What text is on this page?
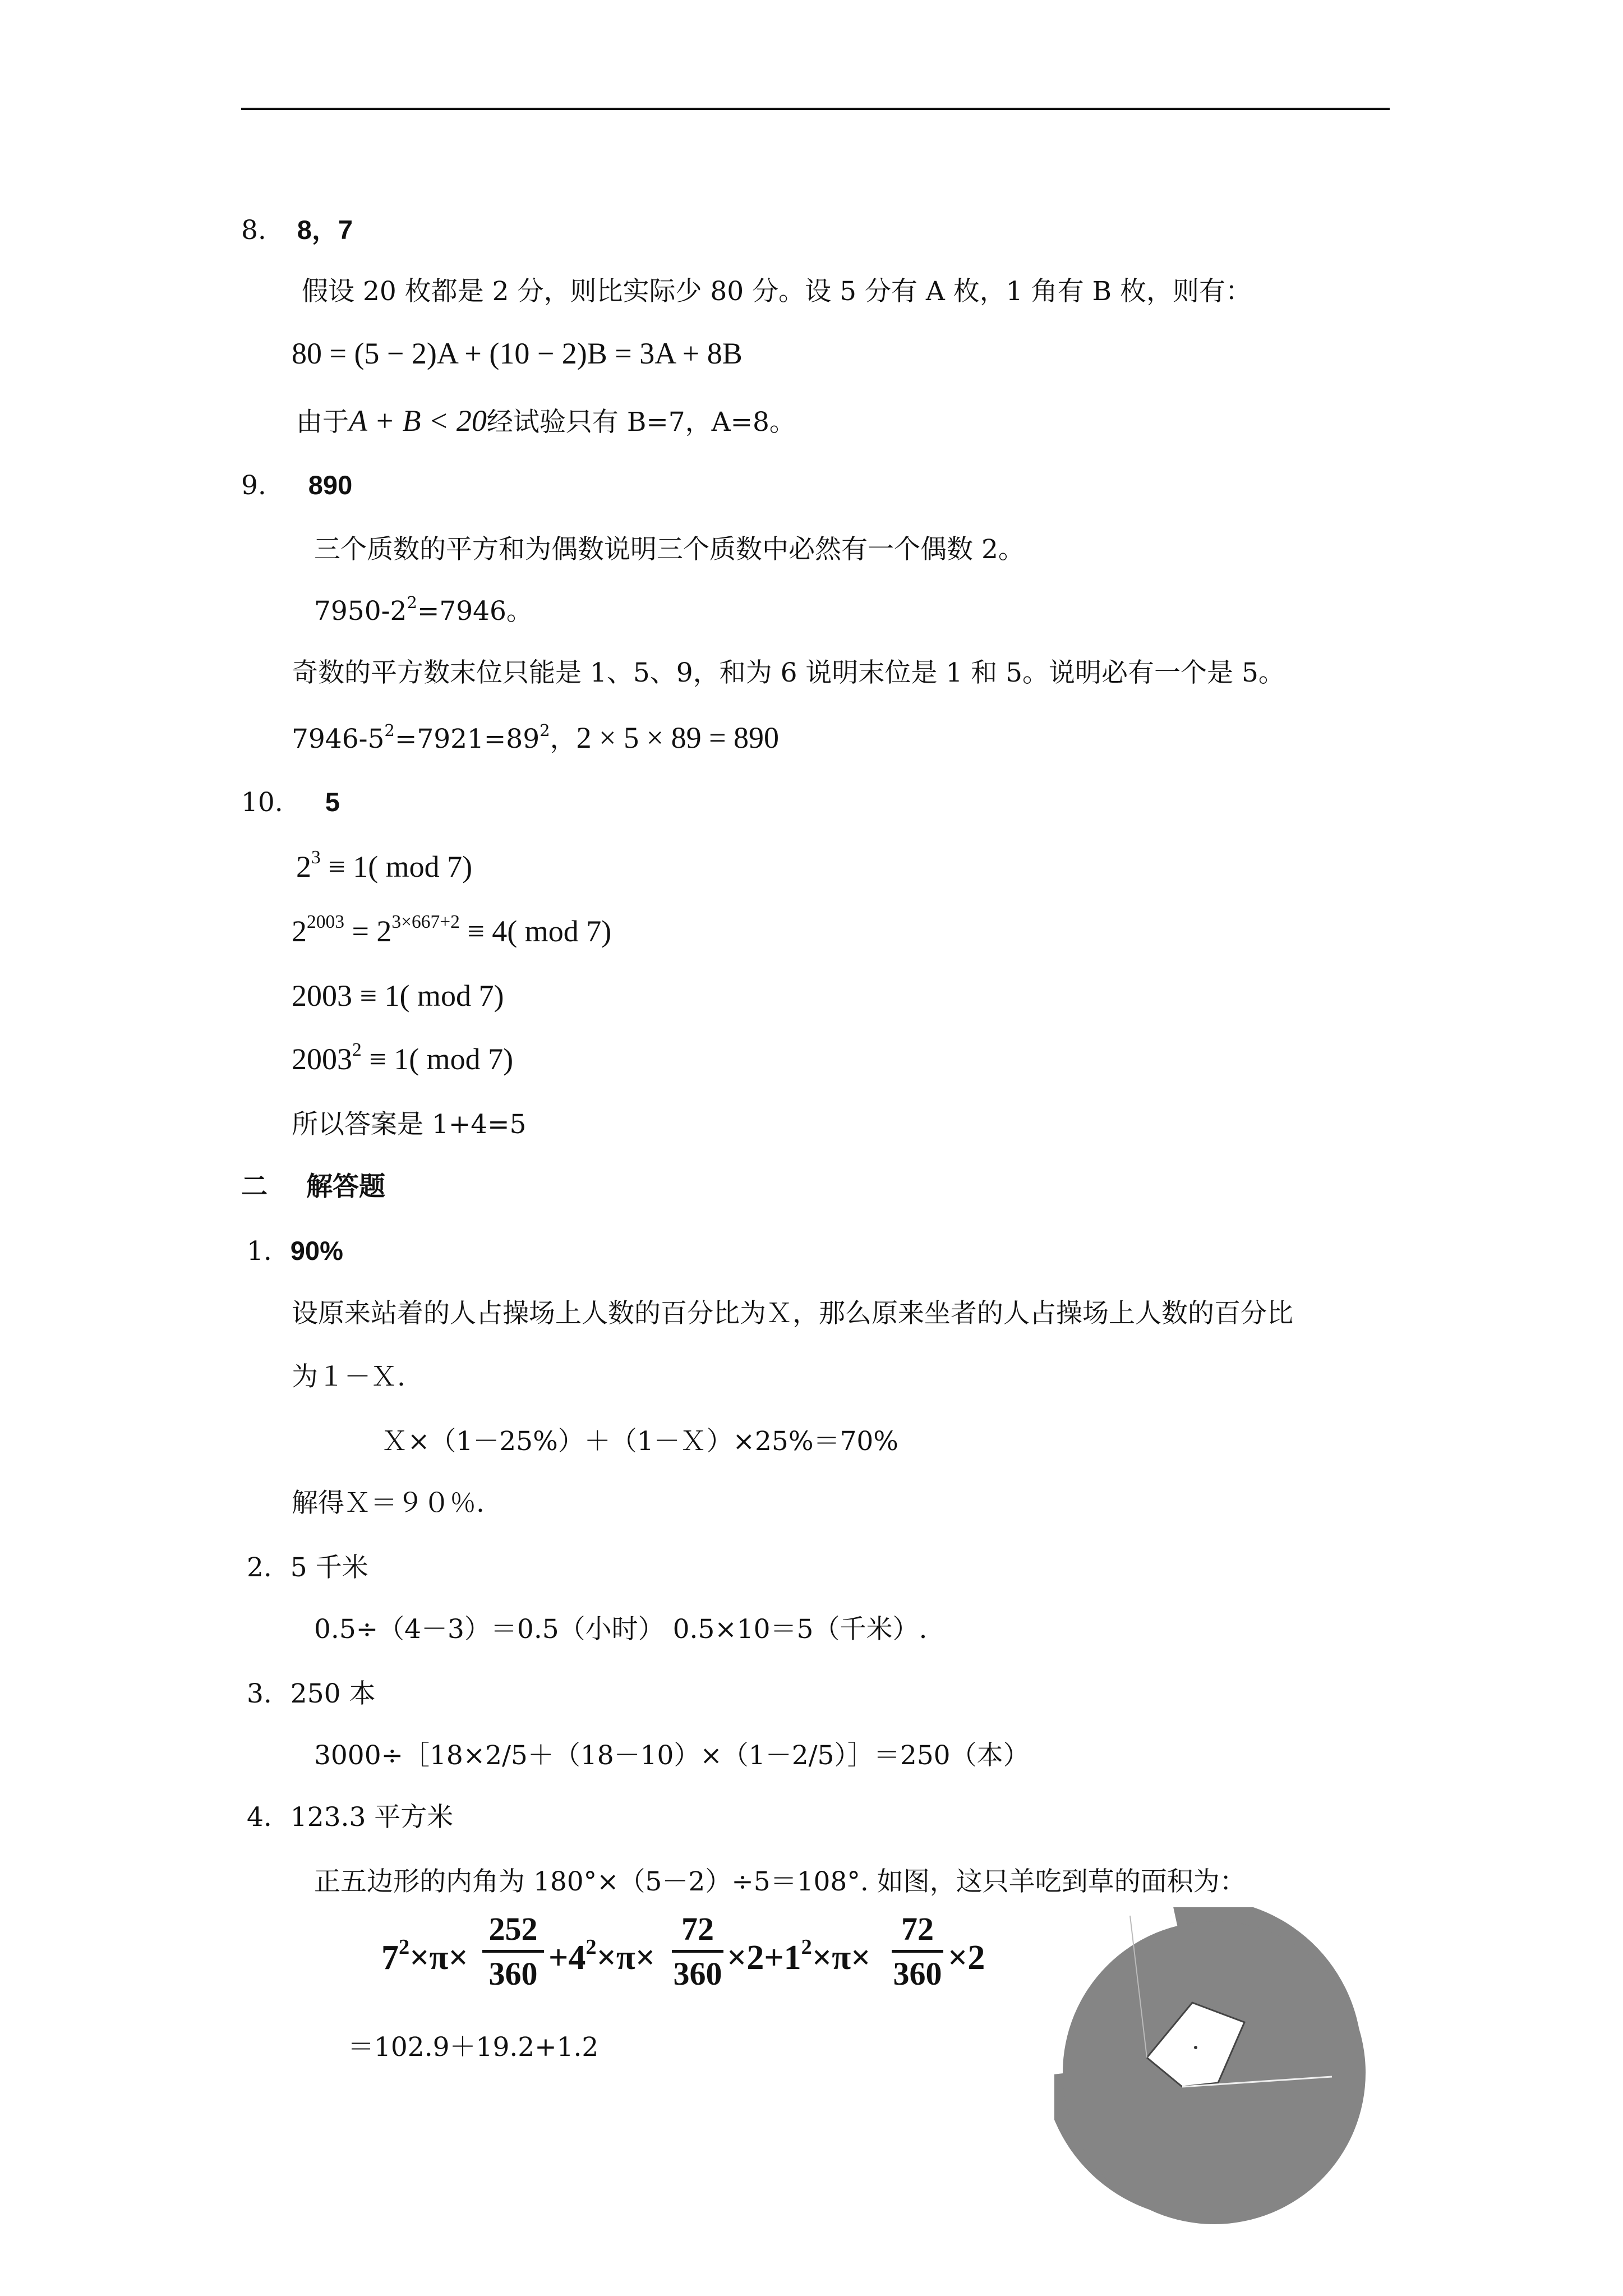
8. 8，7
假设 20 枚都是 2 分，则比实际少 80 分。设 5 分有 A 枚，1 角有 B 枚，则有：
80 = (5 − 2)A + (10 − 2)B = 3A + 8B
由于A + B < 20经试验只有 B=7，A=8。
9. 890
三个质数的平方和为偶数说明三个质数中必然有一个偶数 2。
$7950-2^2=7946$。
奇数的平方数末位只能是 1、5、9，和为 6 说明末位是 1 和 5。说明必有一个是 5。
$7946-5^2=7921=89^2$，2 × 5 × 89 = 890
10. 5
$2^3 \equiv 1$( mod 7)
$2^{2003} = 2^{3\times 667+2} \equiv 4$( mod 7)
2003 ≡ 1( mod 7)
$2003^2 \equiv 1$( mod 7)
所以答案是 1+4=5
二 解答题
1. 90%
设原来站着的人占操场上人数的百分比为Ｘ，那么原来坐者的人占操场上人数的百分比
为１－Ｘ.
Ｘ×（1－25%）＋（1－Ｘ）×25%＝70%
解得Ｘ＝９０％.
2. 5 千米
0.5÷（4－3）＝0.5（小时） 0.5×10＝5（千米）.
3. 250 本
3000÷［18×2/5＋（18－10）×（1－2/5）］＝250（本）
4. 123.3 平方米
正五边形的内角为 180°×（5－2）÷5＝108°. 如图，这只羊吃到草的面积为：
$7^2\times\pi\times$
252
$360 +4^2\times\pi\times$
72
$360 \times 2+1^2\times\pi\times$
72
360 ×2
＝102.9＋19.2+1.2
